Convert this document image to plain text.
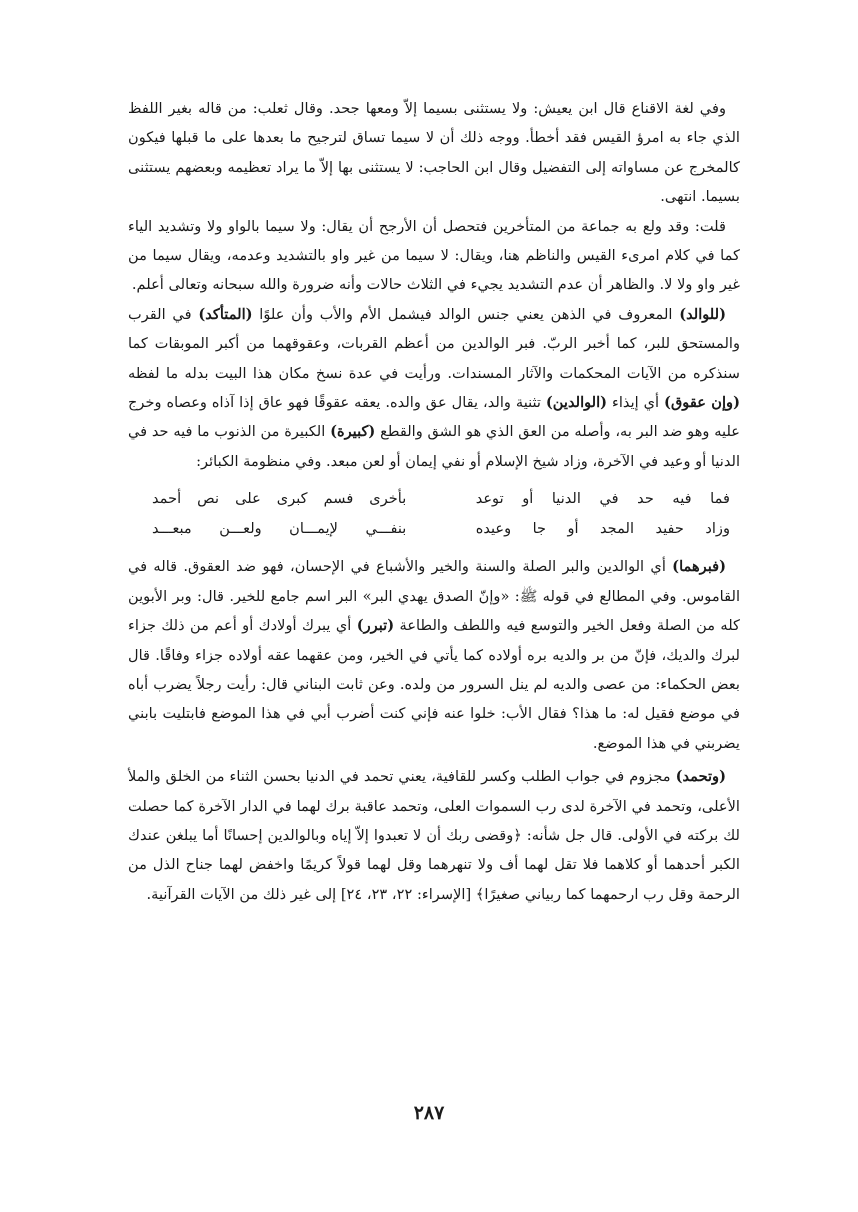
وفي لغة الاقناع قال ابن يعيش: ولا يستثنى بسيما إلاّ ومعها جحد. وقال ثعلب: من قاله بغير اللفظ الذي جاء به امرؤ القيس فقد أخطأ. ووجه ذلك أن لا سيما تساق لترجيح ما بعدها على ما قبلها فيكون كالمخرج عن مساواته إلى التفضيل وقال ابن الحاجب: لا يستثنى بها إلاّ ما يراد تعظيمه وبعضهم يستثنى بسيما. انتهى.

قلت: وقد ولع به جماعة من المتأخرين فتحصل أن الأرجح أن يقال: ولا سيما بالواو ولا وتشديد الياء كما في كلام امرىء القيس والناظم هنا، ويقال: لا سيما من غير واو بالتشديد وعدمه، ويقال سيما من غير واو ولا لا. والظاهر أن عدم التشديد يجيء في الثلاث حالات وأنه ضرورة والله سبحانه وتعالى أعلم.

(للوالد) المعروف في الذهن يعني جنس الوالد فيشمل الأم والأب وأن علوًا (المتأكد) في القرب والمستحق للبر، كما أخبر الربّ. فبر الوالدين من أعظم القربات، وعقوقهما من أكبر الموبقات كما سنذكره من الآيات المحكمات والآثار المسندات. ورأيت في عدة نسخ مكان هذا البيت بدله ما لفظه (وإن عقوق) أي إيذاء (الوالدين) تثنية والد، يقال عق والده. يعقه عقوقًا فهو عاق إذا آذاه وعصاه وخرج عليه وهو ضد البر به، وأصله من العق الذي هو الشق والقطع (كبيرة) الكبيرة من الذنوب ما فيه حد في الدنيا أو وعيد في الآخرة، وزاد شيخ الإسلام أو نفي إيمان أو لعن مبعد. وفي منظومة الكبائر:

فما فيه حد في الدنيا أو توعد
بأخرى فسم كبرى على نص أحمد
وزاد حفيد المجد أو جا وعيده
بنفـــي لإيمـــان ولعـــن مبعـــد

(فبرهما) أي الوالدين والبر الصلة والسنة والخير والأشباع في الإحسان، فهو ضد العقوق. قاله في القاموس. وفي المطالع في قوله ﷺ: «وإنّ الصدق يهدي البر» البر اسم جامع للخير. قال: وبر الأبوين كله من الصلة وفعل الخير والتوسع فيه واللطف والطاعة (تبرر) أي يبرك أولادك أو أعم من ذلك جزاء لبرك والديك، فإنّ من بر والديه بره أولاده كما يأتي في الخير، ومن عقهما عقه أولاده جزاء وفاقًا. قال بعض الحكماء: من عصى والديه لم ينل السرور من ولده. وعن ثابت البناني قال: رأيت رجلاً يضرب أباه في موضع فقيل له: ما هذا؟ فقال الأب: خلوا عنه فإني كنت أضرب أبي في هذا الموضع فابتليت بابني يضربني في هذا الموضع.

(وتحمد) مجزوم في جواب الطلب وكسر للقافية، يعني تحمد في الدنيا بحسن الثناء من الخلق والملأ الأعلى، وتحمد في الآخرة لدى رب السموات العلى، وتحمد عاقبة برك لهما في الدار الآخرة كما حصلت لك بركته في الأولى. قال جل شأنه: ﴿وقضى ربك أن لا تعبدوا إلاّ إياه وبالوالدين إحسانًا أما يبلغن عندك الكبر أحدهما أو كلاهما فلا تقل لهما أف ولا تنهرهما وقل لهما قولاً كريمًا واخفض لهما جناح الذل من الرحمة وقل رب ارحمهما كما ربياني صغيرًا﴾ [الإسراء: ٢٢، ٢٣، ٢٤] إلى غير ذلك من الآيات القرآنية.

٢٨٧
